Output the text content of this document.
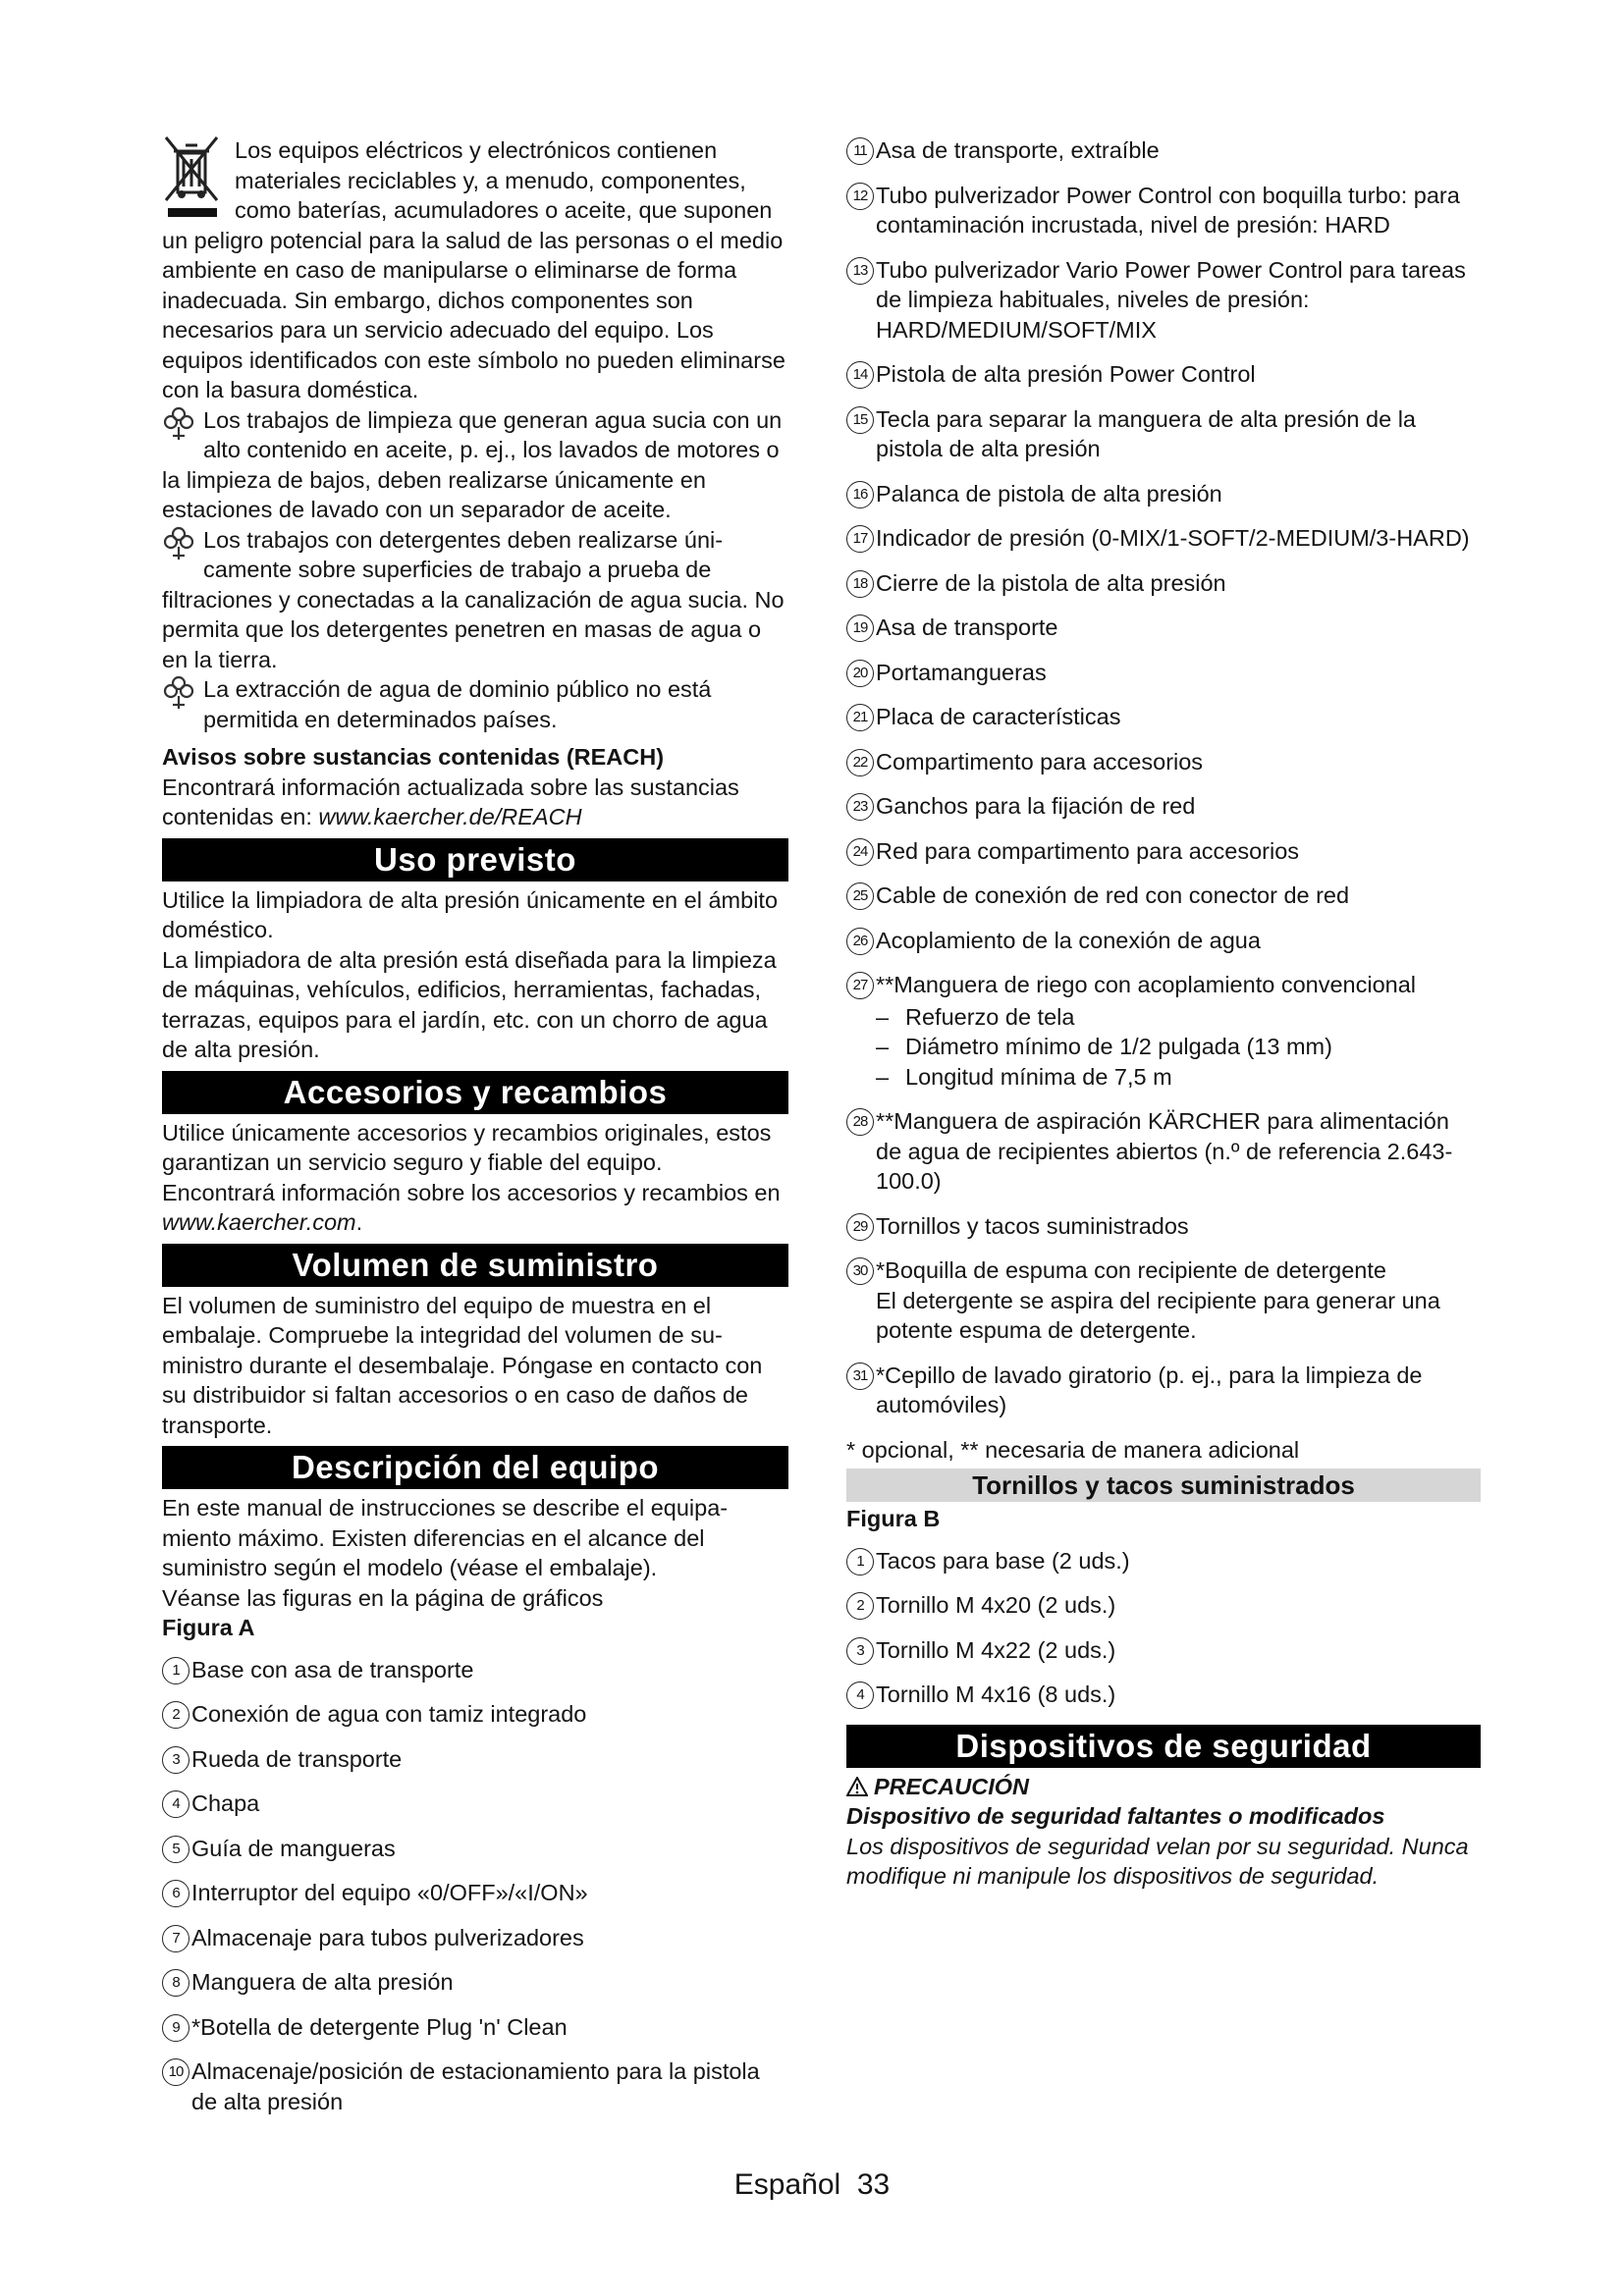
Los equipos eléctricos y electrónicos contienen materiales reciclables y, a menudo, componentes, como baterías, acumuladores o aceite, que suponen un peligro potencial para la salud de las personas o el medio ambiente en caso de manipularse o eliminarse de forma inadecuada. Sin embargo, dichos componentes son necesarios para un servicio adecuado del equipo. Los equipos identificados con este símbolo no pueden eliminarse con la basura doméstica.

Los trabajos de limpieza que generan agua sucia con un alto contenido en aceite, p. ej., los lavados de motores o la limpieza de bajos, deben realizarse únicamente en estaciones de lavado con un separador de aceite.

Los trabajos con detergentes deben realizarse únicamente sobre superficies de trabajo a prueba de filtraciones y conectadas a la canalización de agua sucia. No permita que los detergentes penetren en masas de agua o en la tierra.

La extracción de agua de dominio público no está permitida en determinados países.

Avisos sobre sustancias contenidas (REACH)

Encontrará información actualizada sobre las sustancias contenidas en: www.kaercher.de/REACH

Uso previsto

Utilice la limpiadora de alta presión únicamente en el ámbito doméstico.

La limpiadora de alta presión está diseñada para la limpieza de máquinas, vehículos, edificios, herramientas, fachadas, terrazas, equipos para el jardín, etc. con un chorro de agua de alta presión.

Accesorios y recambios

Utilice únicamente accesorios y recambios originales, estos garantizan un servicio seguro y fiable del equipo.

Encontrará información sobre los accesorios y recambios en www.kaercher.com.

Volumen de suministro

El volumen de suministro del equipo de muestra en el embalaje. Compruebe la integridad del volumen de suministro durante el desembalaje. Póngase en contacto con su distribuidor si faltan accesorios o en caso de daños de transporte.

Descripción del equipo

En este manual de instrucciones se describe el equipamiento máximo. Existen diferencias en el alcance del suministro según el modelo (véase el embalaje).

Véanse las figuras en la página de gráficos

Figura A

1 Base con asa de transporte
2 Conexión de agua con tamiz integrado
3 Rueda de transporte
4 Chapa
5 Guía de mangueras
6 Interruptor del equipo «0/OFF»/«I/ON»
7 Almacenaje para tubos pulverizadores
8 Manguera de alta presión
9 *Botella de detergente Plug 'n' Clean
10 Almacenaje/posición de estacionamiento para la pistola de alta presión
11 Asa de transporte, extraíble
12 Tubo pulverizador Power Control con boquilla turbo: para contaminación incrustada, nivel de presión: HARD
13 Tubo pulverizador Vario Power Power Control para tareas de limpieza habituales, niveles de presión: HARD/MEDIUM/SOFT/MIX
14 Pistola de alta presión Power Control
15 Tecla para separar la manguera de alta presión de la pistola de alta presión
16 Palanca de pistola de alta presión
17 Indicador de presión (0-MIX/1-SOFT/2-MEDIUM/3-HARD)
18 Cierre de la pistola de alta presión
19 Asa de transporte
20 Portamangueras
21 Placa de características
22 Compartimento para accesorios
23 Ganchos para la fijación de red
24 Red para compartimento para accesorios
25 Cable de conexión de red con conector de red
26 Acoplamiento de la conexión de agua
27 **Manguera de riego con acoplamiento convencional
– Refuerzo de tela
– Diámetro mínimo de 1/2 pulgada (13 mm)
– Longitud mínima de 7,5 m
28 **Manguera de aspiración KÄRCHER para alimentación de agua de recipientes abiertos (n.º de referencia 2.643-100.0)
29 Tornillos y tacos suministrados
30 *Boquilla de espuma con recipiente de detergente
El detergente se aspira del recipiente para generar una potente espuma de detergente.
31 *Cepillo de lavado giratorio (p. ej., para la limpieza de automóviles)

* opcional, ** necesaria de manera adicional

Tornillos y tacos suministrados

Figura B

1 Tacos para base (2 uds.)
2 Tornillo M 4x20 (2 uds.)
3 Tornillo M 4x22 (2 uds.)
4 Tornillo M 4x16 (8 uds.)
Dispositivos de seguridad

PRECAUCIÓN

Dispositivo de seguridad faltantes o modificados

Los dispositivos de seguridad velan por su seguridad. Nunca modifique ni manipule los dispositivos de seguridad.

Español  33
